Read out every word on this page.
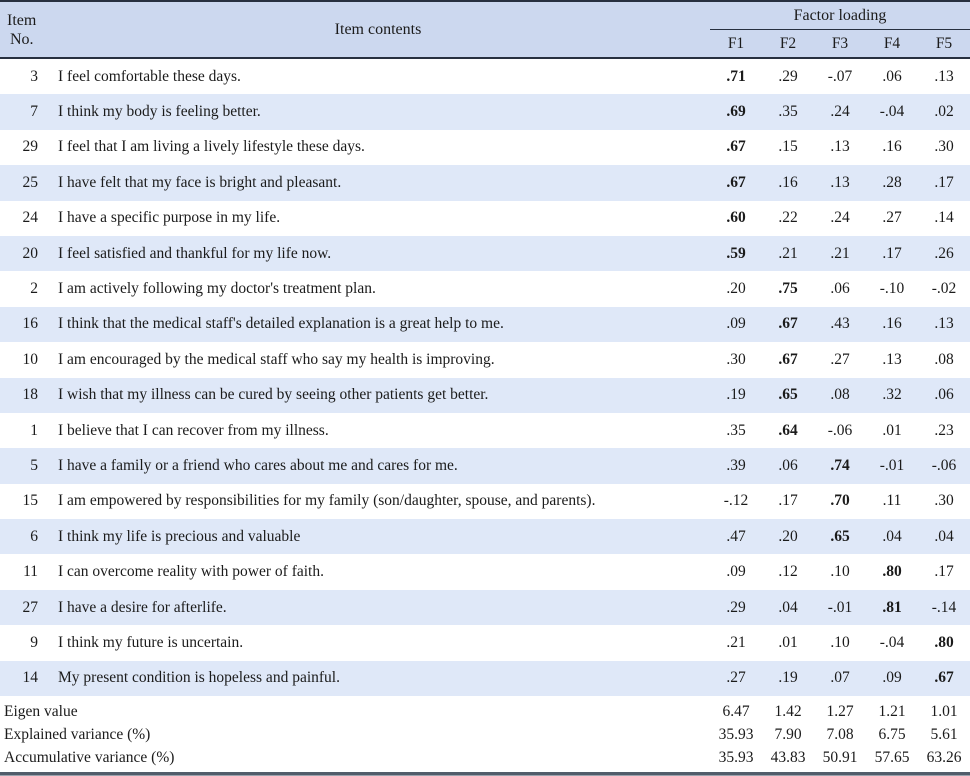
Item
No.
Item contents
Factor loading
F1	F2	F3	F4	F5
3	I feel comfortable these days.	.71	.29	-.07	.06	.13
7	I think my body is feeling better.	.69	.35	.24	-.04	.02
29	I feel that I am living a lively lifestyle these days.	.67	.15	.13	.16	.30
25	I have felt that my face is bright and pleasant.	.67	.16	.13	.28	.17
24	I have a specific purpose in my life.	.60	.22	.24	.27	.14
20	I feel satisfied and thankful for my life now.	.59	.21	.21	.17	.26
2	I am actively following my doctor's treatment plan.	.20	.75	.06	-.10	-.02
16	I think that the medical staff's detailed explanation is a great help to me.	.09	.67	.43	.16	.13
10	I am encouraged by the medical staff who say my health is improving.	.30	.67	.27	.13	.08
18	I wish that my illness can be cured by seeing other patients get better.	.19	.65	.08	.32	.06
1	I believe that I can recover from my illness.	.35	.64	-.06	.01	.23
5	I have a family or a friend who cares about me and cares for me.	.39	.06	.74	-.01	-.06
15	I am empowered by responsibilities for my family (son/daughter, spouse, and parents).	-.12	.17	.70	.11	.30
6	I think my life is precious and valuable	.47	.20	.65	.04	.04
11	I can overcome reality with power of faith.	.09	.12	.10	.80	.17
27	I have a desire for afterlife.	.29	.04	-.01	.81	-.14
9	I think my future is uncertain.	.21	.01	.10	-.04	.80
14	My present condition is hopeless and painful.	.27	.19	.07	.09	.67
Eigen value	6.47	1.42	1.27	1.21	1.01
Explained variance (%)	35.93	7.90	7.08	6.75	5.61
Accumulative variance (%)	35.93	43.83	50.91	57.65	63.26
